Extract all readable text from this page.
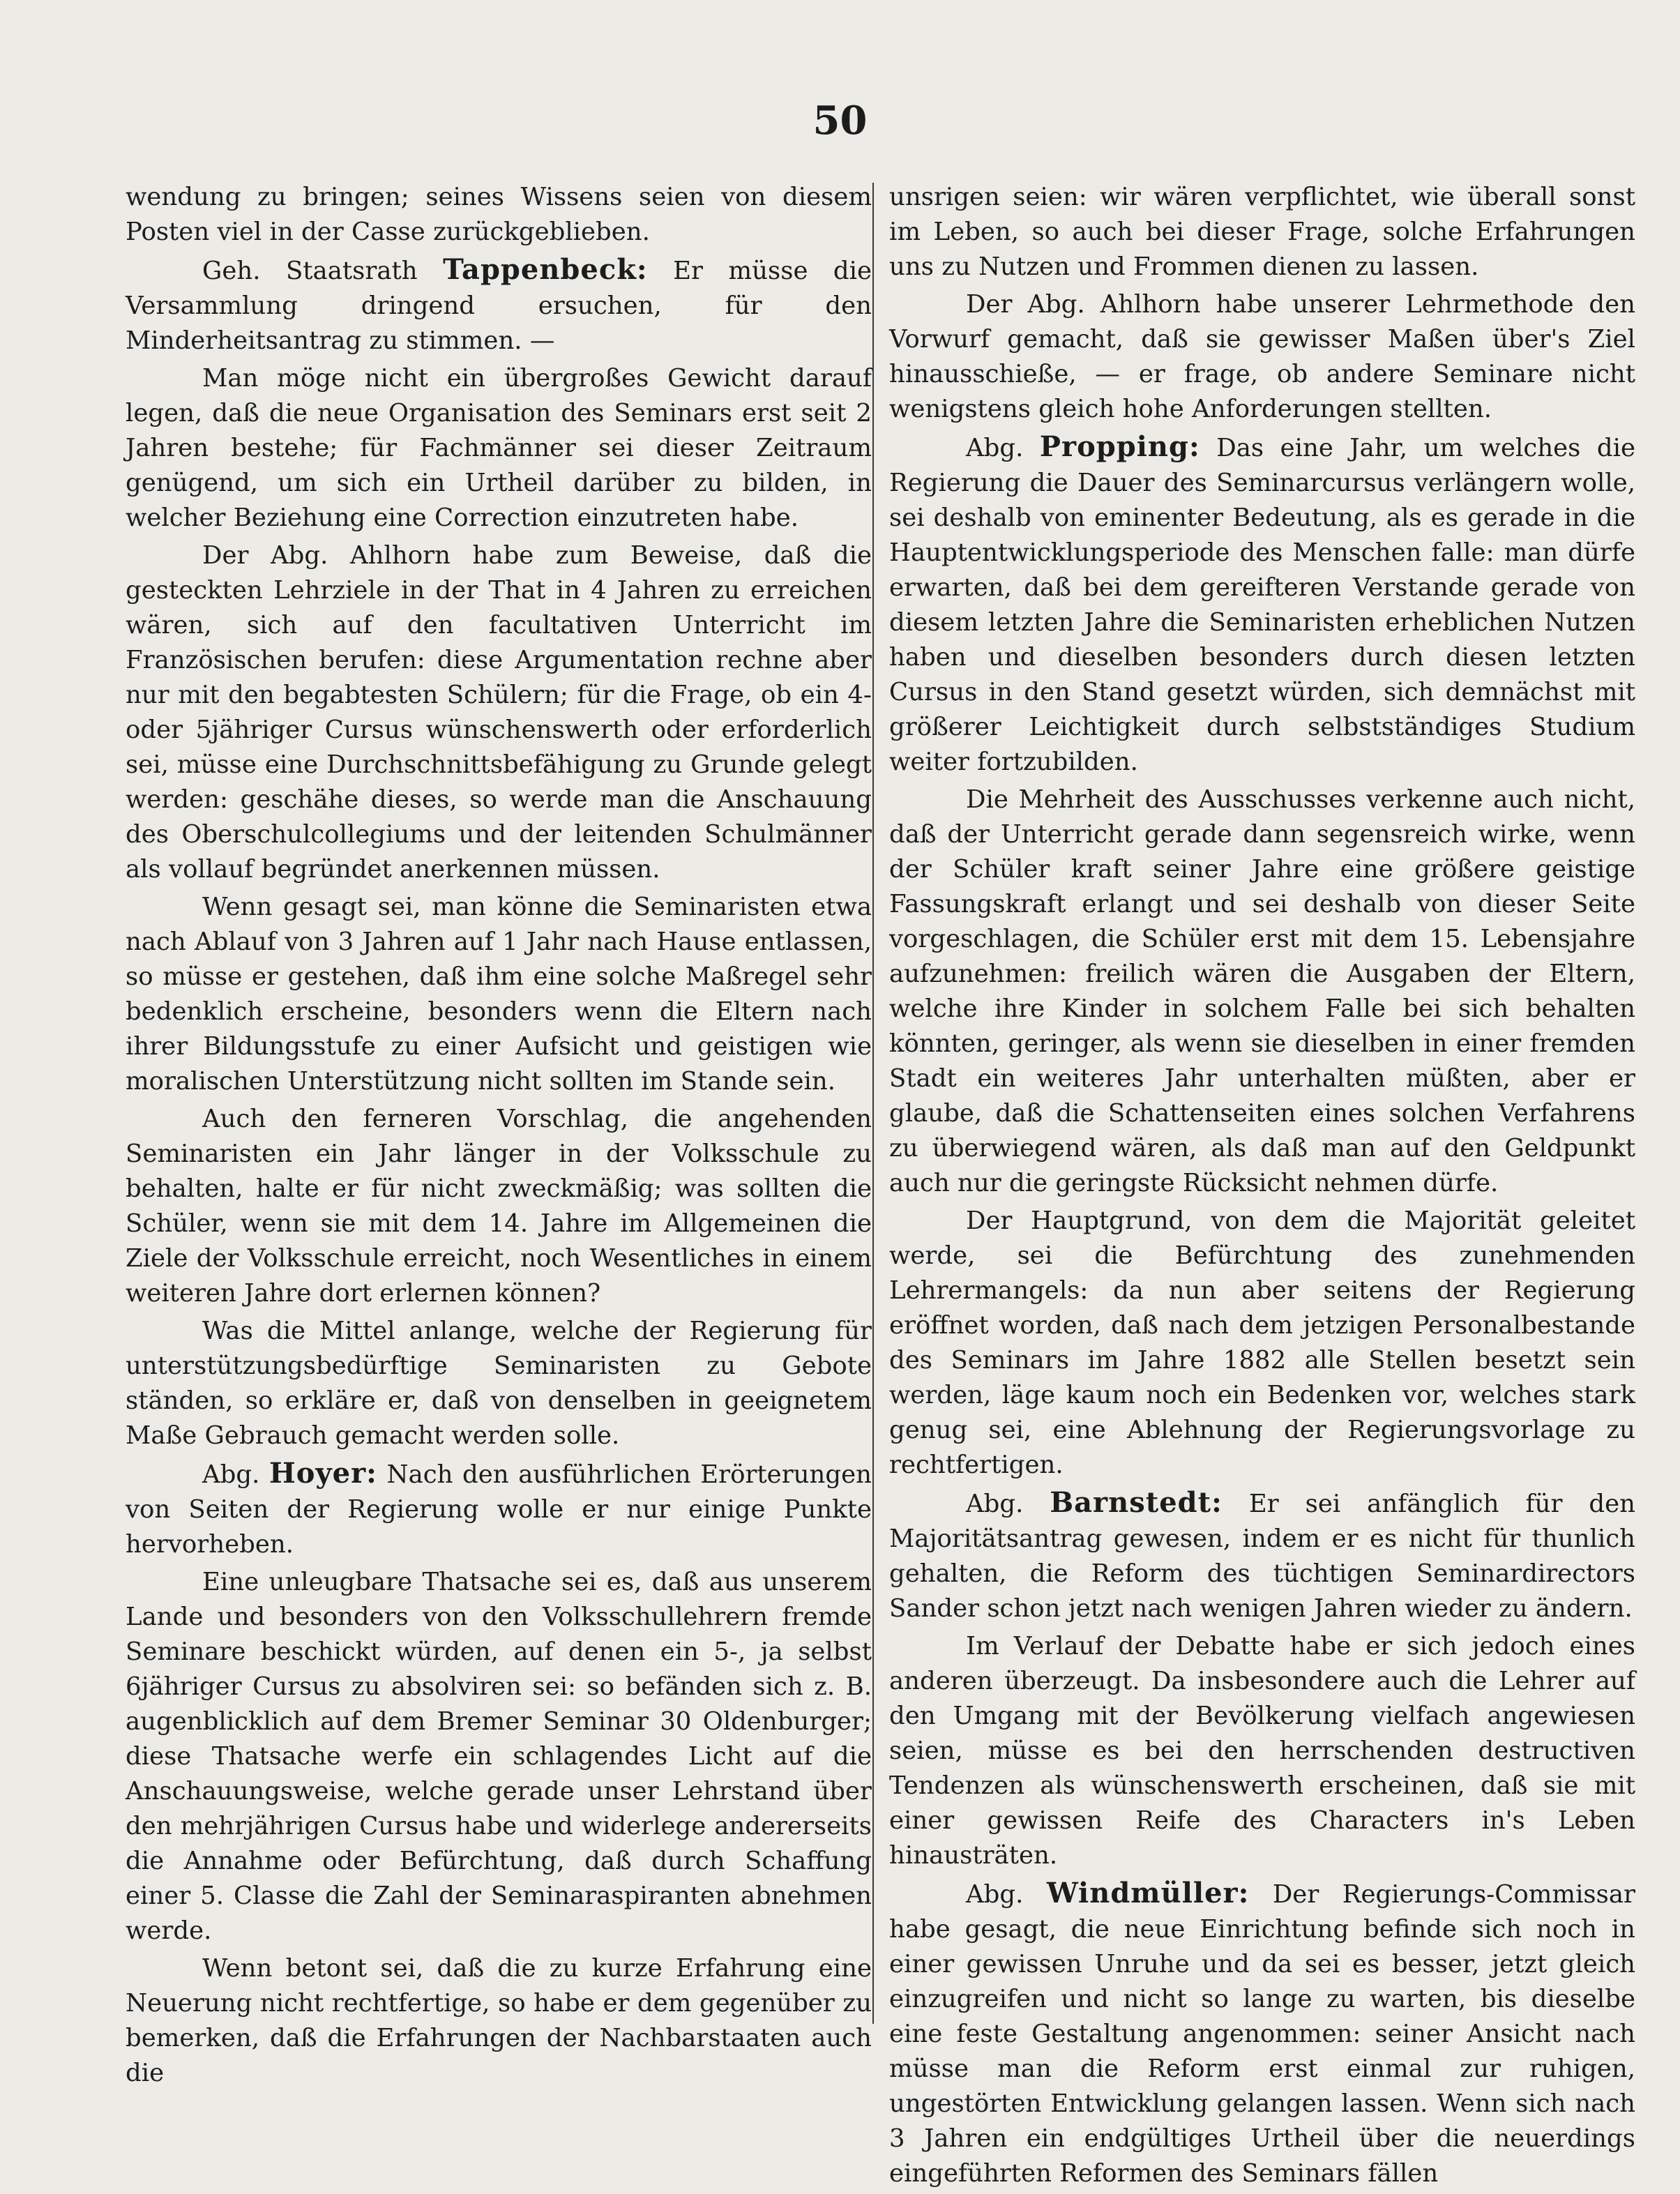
50

wendung zu bringen; seines Wissens seien von diesem Posten viel in der Casse zurückgeblieben.

Geh. Staatsrath Tappenbeck: Er müsse die Versammlung dringend ersuchen, für den Minderheitsantrag zu stimmen. —

Man möge nicht ein übergroßes Gewicht darauf legen, daß die neue Organisation des Seminars erst seit 2 Jahren bestehe; für Fachmänner sei dieser Zeitraum genügend, um sich ein Urtheil darüber zu bilden, in welcher Beziehung eine Correction einzutreten habe.

Der Abg. Ahlhorn habe zum Beweise, daß die gesteckten Lehrziele in der That in 4 Jahren zu erreichen wären, sich auf den facultativen Unterricht im Französischen berufen: diese Argumentation rechne aber nur mit den begabtesten Schülern; für die Frage, ob ein 4- oder 5jähriger Cursus wünschenswerth oder erforderlich sei, müsse eine Durchschnittsbefähigung zu Grunde gelegt werden: geschähe dieses, so werde man die Anschauung des Oberschulcollegiums und der leitenden Schulmänner als vollauf begründet anerkennen müssen.

Wenn gesagt sei, man könne die Seminaristen etwa nach Ablauf von 3 Jahren auf 1 Jahr nach Hause entlassen, so müsse er gestehen, daß ihm eine solche Maßregel sehr bedenklich erscheine, besonders wenn die Eltern nach ihrer Bildungsstufe zu einer Aufsicht und geistigen wie moralischen Unterstützung nicht sollten im Stande sein.

Auch den ferneren Vorschlag, die angehenden Seminaristen ein Jahr länger in der Volksschule zu behalten, halte er für nicht zweckmäßig; was sollten die Schüler, wenn sie mit dem 14. Jahre im Allgemeinen die Ziele der Volksschule erreicht, noch Wesentliches in einem weiteren Jahre dort erlernen können?

Was die Mittel anlange, welche der Regierung für unterstützungsbedürftige Seminaristen zu Gebote ständen, so erkläre er, daß von denselben in geeignetem Maße Gebrauch gemacht werden solle.

Abg. Hoyer: Nach den ausführlichen Erörterungen von Seiten der Regierung wolle er nur einige Punkte hervorheben.

Eine unleugbare Thatsache sei es, daß aus unserem Lande und besonders von den Volksschullehrern fremde Seminare beschickt würden, auf denen ein 5-, ja selbst 6jähriger Cursus zu absolviren sei: so befänden sich z. B. augenblicklich auf dem Bremer Seminar 30 Oldenburger; diese Thatsache werfe ein schlagendes Licht auf die Anschauungsweise, welche gerade unser Lehrstand über den mehrjährigen Cursus habe und widerlege andererseits die Annahme oder Befürchtung, daß durch Schaffung einer 5. Classe die Zahl der Seminaraspiranten abnehmen werde.

Wenn betont sei, daß die zu kurze Erfahrung eine Neuerung nicht rechtfertige, so habe er dem gegenüber zu bemerken, daß die Erfahrungen der Nachbarstaaten auch die

unsrigen seien: wir wären verpflichtet, wie überall sonst im Leben, so auch bei dieser Frage, solche Erfahrungen uns zu Nutzen und Frommen dienen zu lassen.

Der Abg. Ahlhorn habe unserer Lehrmethode den Vorwurf gemacht, daß sie gewisser Maßen über's Ziel hinausschieße, — er frage, ob andere Seminare nicht wenigstens gleich hohe Anforderungen stellten.

Abg. Propping: Das eine Jahr, um welches die Regierung die Dauer des Seminarcursus verlängern wolle, sei deshalb von eminenter Bedeutung, als es gerade in die Hauptentwicklungsperiode des Menschen falle: man dürfe erwarten, daß bei dem gereifteren Verstande gerade von diesem letzten Jahre die Seminaristen erheblichen Nutzen haben und dieselben besonders durch diesen letzten Cursus in den Stand gesetzt würden, sich demnächst mit größerer Leichtigkeit durch selbstständiges Studium weiter fortzubilden.

Die Mehrheit des Ausschusses verkenne auch nicht, daß der Unterricht gerade dann segensreich wirke, wenn der Schüler kraft seiner Jahre eine größere geistige Fassungskraft erlangt und sei deshalb von dieser Seite vorgeschlagen, die Schüler erst mit dem 15. Lebensjahre aufzunehmen: freilich wären die Ausgaben der Eltern, welche ihre Kinder in solchem Falle bei sich behalten könnten, geringer, als wenn sie dieselben in einer fremden Stadt ein weiteres Jahr unterhalten müßten, aber er glaube, daß die Schattenseiten eines solchen Verfahrens zu überwiegend wären, als daß man auf den Geldpunkt auch nur die geringste Rücksicht nehmen dürfe.

Der Hauptgrund, von dem die Majorität geleitet werde, sei die Befürchtung des zunehmenden Lehrermangels: da nun aber seitens der Regierung eröffnet worden, daß nach dem jetzigen Personalbestande des Seminars im Jahre 1882 alle Stellen besetzt sein werden, läge kaum noch ein Bedenken vor, welches stark genug sei, eine Ablehnung der Regierungsvorlage zu rechtfertigen.

Abg. Barnstedt: Er sei anfänglich für den Majoritätsantrag gewesen, indem er es nicht für thunlich gehalten, die Reform des tüchtigen Seminardirectors Sander schon jetzt nach wenigen Jahren wieder zu ändern.

Im Verlauf der Debatte habe er sich jedoch eines anderen überzeugt. Da insbesondere auch die Lehrer auf den Umgang mit der Bevölkerung vielfach angewiesen seien, müsse es bei den herrschenden destructiven Tendenzen als wünschenswerth erscheinen, daß sie mit einer gewissen Reife des Characters in's Leben hinausträten.

Abg. Windmüller: Der Regierungs-Commissar habe gesagt, die neue Einrichtung befinde sich noch in einer gewissen Unruhe und da sei es besser, jetzt gleich einzugreifen und nicht so lange zu warten, bis dieselbe eine feste Gestaltung angenommen: seiner Ansicht nach müsse man die Reform erst einmal zur ruhigen, ungestörten Entwicklung gelangen lassen. Wenn sich nach 3 Jahren ein endgültiges Urtheil über die neuerdings eingeführten Reformen des Seminars fällen
